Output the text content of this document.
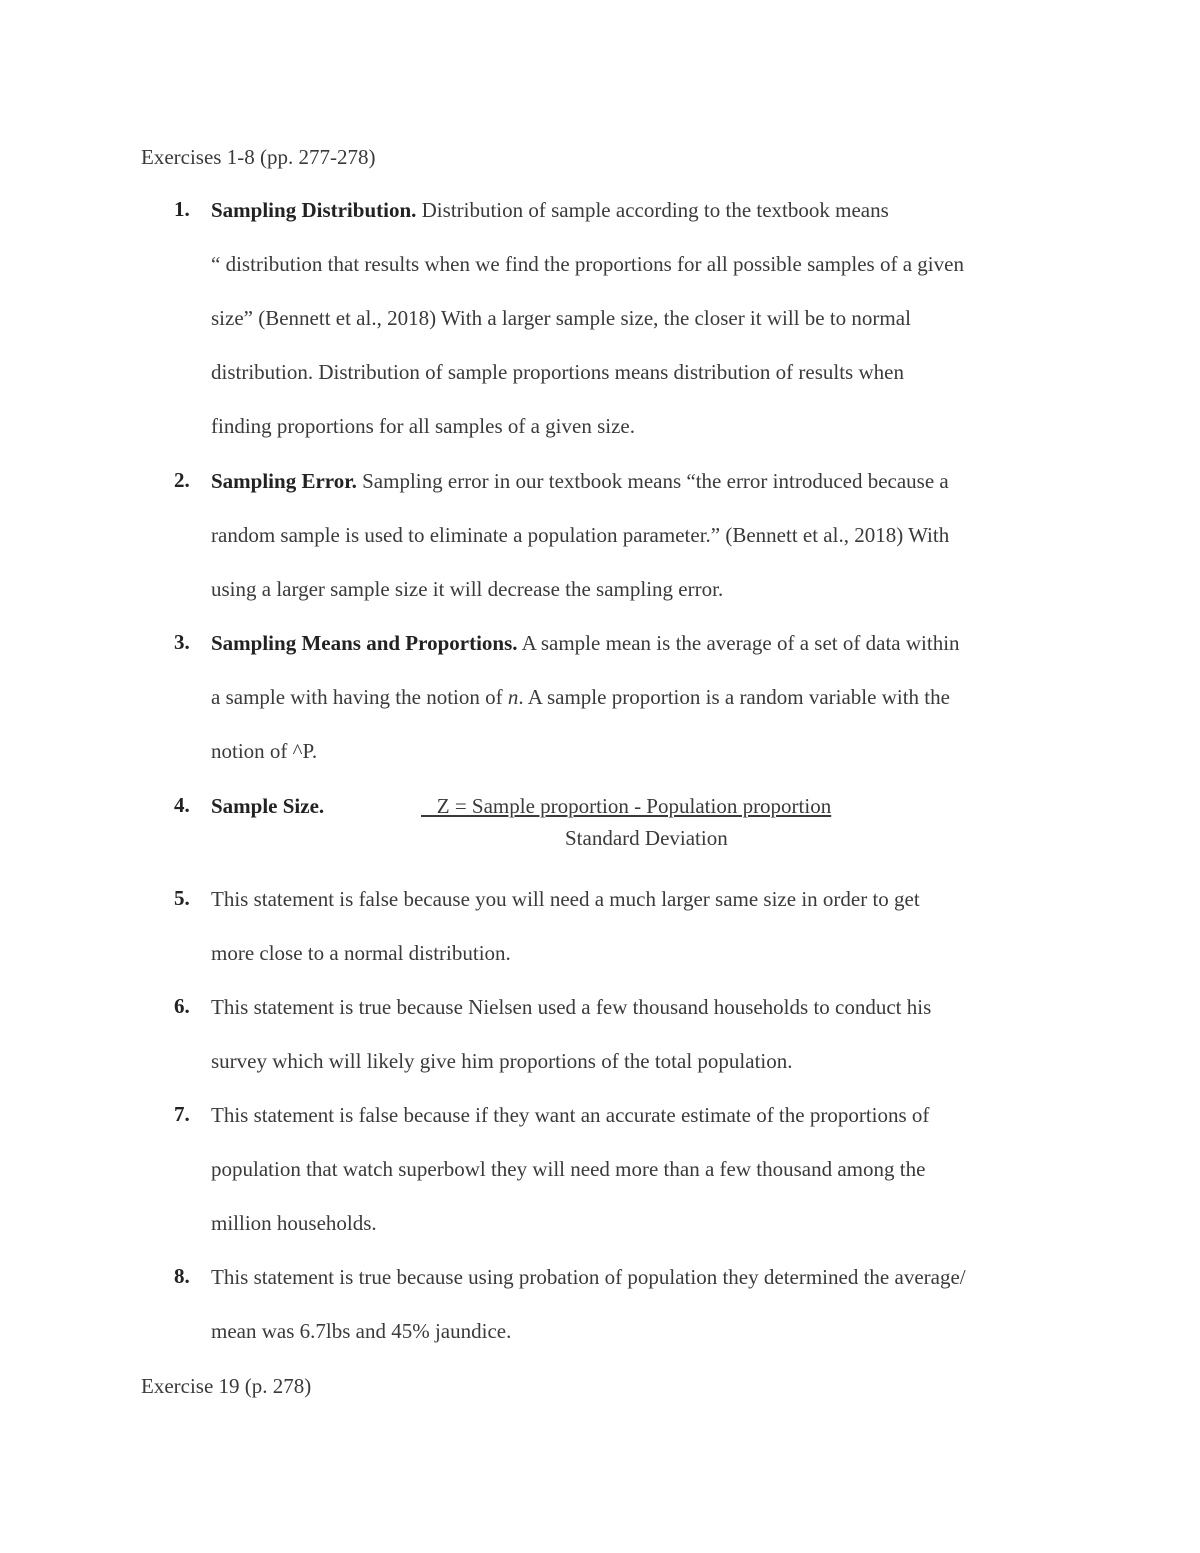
Exercises 1-8 (pp. 277-278)
1. Sampling Distribution. Distribution of sample according to the textbook means
“ distribution that results when we find the proportions for all possible samples of a given
size” (Bennett et al., 2018) With a larger sample size, the closer it will be to normal
distribution. Distribution of sample proportions means distribution of results when
finding proportions for all samples of a given size.
2. Sampling Error. Sampling error in our textbook means “the error introduced because a
random sample is used to eliminate a population parameter.” (Bennett et al., 2018) With
using a larger sample size it will decrease the sampling error.
3. Sampling Means and Proportions. A sample mean is the average of a set of data within
a sample with having the notion of n. A sample proportion is a random variable with the
notion of ^P.
4. Sample Size.	Z = Sample proportion - Population proportion
Standard Deviation
5. This statement is false because you will need a much larger same size in order to get
more close to a normal distribution.
6. This statement is true because Nielsen used a few thousand households to conduct his
survey which will likely give him proportions of the total population.
7. This statement is false because if they want an accurate estimate of the proportions of
population that watch superbowl they will need more than a few thousand among the
million households.
8. This statement is true because using probation of population they determined the average/
mean was 6.7lbs and 45% jaundice.
Exercise 19 (p. 278)
